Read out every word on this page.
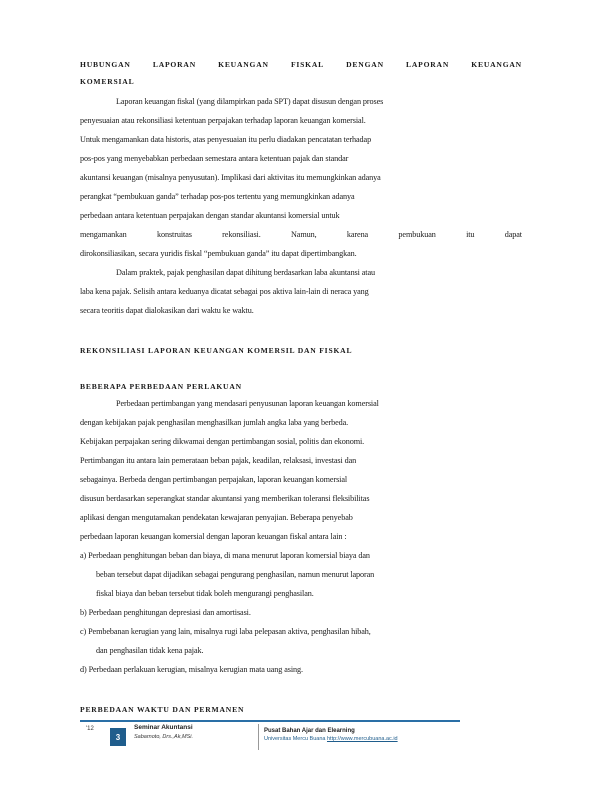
HUBUNGAN	LAPORAN	KEUANGAN	FISKAL	DENGAN	LAPORAN	KEUANGAN
KOMERSIAL
Laporan keuangan fiskal (yang dilampirkan pada SPT) dapat disusun dengan proses
penyesuaian atau rekonsiliasi ketentuan perpajakan terhadap laporan keuangan komersial.
Untuk mengamankan data historis, atas penyesuaian itu perlu diadakan pencatatan terhadap
pos-pos yang menyebabkan perbedaan semestara antara ketentuan pajak dan standar
akuntansi keuangan (misalnya penyusutan). Implikasi dari aktivitas itu memungkinkan adanya
perangkat “pembukuan ganda” terhadap pos-pos tertentu yang memungkinkan adanya
perbedaan antara ketentuan perpajakan dengan standar akuntansi komersial untuk
mengamankan	konstruitas	rekonsiliasi.	Namun,	karena	pembukuan	itu	dapat
dirokonsiliasikan, secara yuridis fiskal “pembukuan ganda” itu dapat dipertimbangkan.
Dalam praktek, pajak penghasilan dapat dihitung berdasarkan laba akuntansi atau
laba kena pajak. Selisih antara keduanya dicatat sebagai pos aktiva lain-lain di neraca yang
secara teoritis dapat dialokasikan dari waktu ke waktu.
REKONSILIASI LAPORAN KEUANGAN KOMERSIL DAN FISKAL
BEBERAPA PERBEDAAN PERLAKUAN
Perbedaan pertimbangan yang mendasari penyusunan laporan keuangan komersial
dengan kebijakan pajak penghasilan menghasilkan jumlah angka laba yang berbeda.
Kebijakan perpajakan sering dikwamai dengan pertimbangan sosial, politis dan ekonomi.
Pertimbangan itu antara lain pemerataan beban pajak, keadilan, relaksasi, investasi dan
sebagainya. Berbeda dengan pertimbangan perpajakan, laporan keuangan komersial
disusun berdasarkan seperangkat standar akuntansi yang memberikan toleransi fleksibilitas
aplikasi dengan mengutamakan pendekatan kewajaran penyajian. Beberapa penyebab
perbedaan laporan keuangan komersial dengan laporan keuangan fiskal antara lain :
a) Perbedaan penghitungan beban dan biaya, di mana menurut laporan komersial biaya dan
beban tersebut dapat dijadikan sebagai pengurang penghasilan, namun menurut laporan
fiskal biaya dan beban tersebut tidak boleh mengurangi penghasilan.
b) Perbedaan penghitungan depresiasi dan amortisasi.
c) Pembebanan kerugian yang lain, misalnya rugi laba pelepasan aktiva, penghasilan hibah,
dan penghasilan tidak kena pajak.
d) Perbedaan perlakuan kerugian, misalnya kerugian mata uang asing.
PERBEDAAN WAKTU DAN PERMANEN
'12
3
Seminar Akuntansi
Sabarnoto, Drs.,Ak,MSi.
Pusat Bahan Ajar dan Elearning
Universitas Mercu Buana http://www.mercubuana.ac.id
